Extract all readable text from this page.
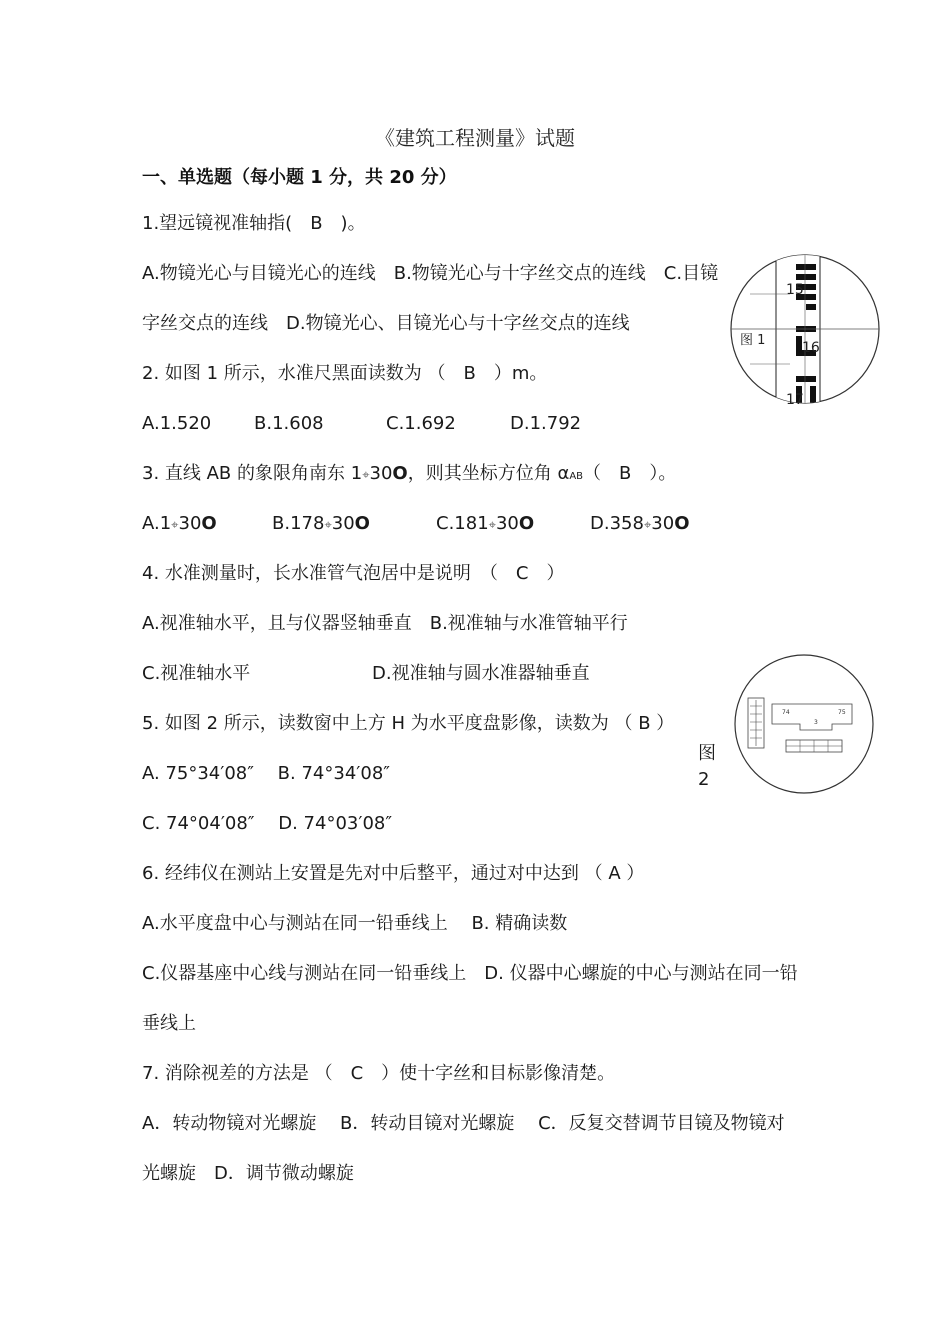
《建筑工程测量》试题
一、单选题（每小题 1 分，共 20 分）
1.望远镜视准轴指(　B　)。
A.物镜光心与目镜光心的连线　B.物镜光心与十字丝交点的连线　C.目镜
字丝交点的连线　D.物镜光心、目镜光心与十字丝交点的连线
2. 如图 1 所示，水准尺黑面读数为 （　B　）m。
A.1.520 B.1.608	C.1.692	D.1.792
3. 直线 AB 的象限角南东 1⌖30O，则其坐标方位角 αAB（　B　）。
A.1⌖30O	B.178⌖30O	C.181⌖30O	D.358⌖30O
4. 水准测量时，长水准管气泡居中是说明　（　C　）
A.视准轴水平，且与仪器竖轴垂直　B.视准轴与水准管轴平行
C.视准轴水平	D.视准轴与圆水准器轴垂直
5. 如图 2 所示，读数窗中上方 H 为水平度盘影像，读数为 （ B ）
A. 75°34′08″　 B. 74°34′08″
C. 74°04′08″　 D. 74°03′08″
6. 经纬仪在测站上安置是先对中后整平，通过对中达到 （ A ）
A.水平度盘中心与测站在同一铅垂线上　 B. 精确读数
C.仪器基座中心线与测站在同一铅垂线上　D. 仪器中心螺旋的中心与测站在同一铅
垂线上
7. 消除视差的方法是 （　C　）使十字丝和目标影像清楚。
A．转动物镜对光螺旋　 B．转动目镜对光螺旋　 C．反复交替调节目镜及物镜对
光螺旋　D．调节微动螺旋
15
16
17
图 1
74
3
75
图
2
